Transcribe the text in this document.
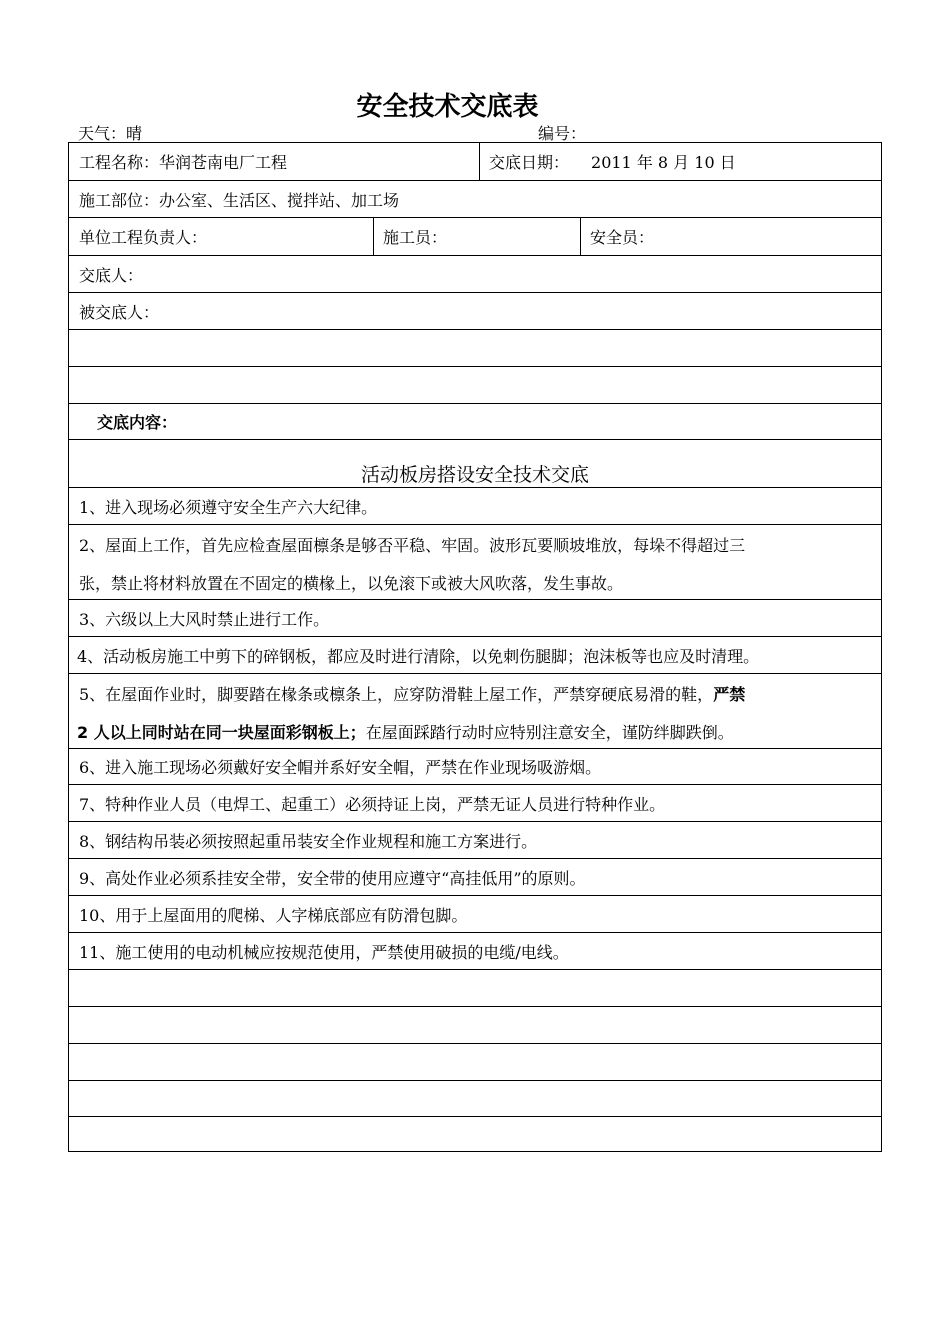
安全技术交底表
天气：晴	编号：
工程名称：华润苍南电厂工程	交底日期： 2011 年 8 月 10 日
施工部位：办公室、生活区、搅拌站、加工场
单位工程负责人：	施工员：	安全员：
交底人：
被交底人：
交底内容：
活动板房搭设安全技术交底
1、进入现场必须遵守安全生产六大纪律。
2、屋面上工作，首先应检查屋面檩条是够否平稳、牢固。波形瓦要顺坡堆放，每垛不得超过三
张，禁止将材料放置在不固定的横椽上，以免滚下或被大风吹落，发生事故。
3、六级以上大风时禁止进行工作。
4、活动板房施工中剪下的碎钢板，都应及时进行清除，以免刺伤腿脚；泡沫板等也应及时清理。
5、在屋面作业时，脚要踏在椽条或檩条上，应穿防滑鞋上屋工作，严禁穿硬底易滑的鞋，严禁
2 人以上同时站在同一块屋面彩钢板上；在屋面踩踏行动时应特别注意安全，谨防绊脚跌倒。
6、进入施工现场必须戴好安全帽并系好安全帽，严禁在作业现场吸游烟。
7、特种作业人员（电焊工、起重工）必须持证上岗，严禁无证人员进行特种作业。
8、钢结构吊装必须按照起重吊装安全作业规程和施工方案进行。
9、高处作业必须系挂安全带，安全带的使用应遵守“高挂低用”的原则。
10、用于上屋面用的爬梯、人字梯底部应有防滑包脚。
11、施工使用的电动机械应按规范使用，严禁使用破损的电缆/电线。
